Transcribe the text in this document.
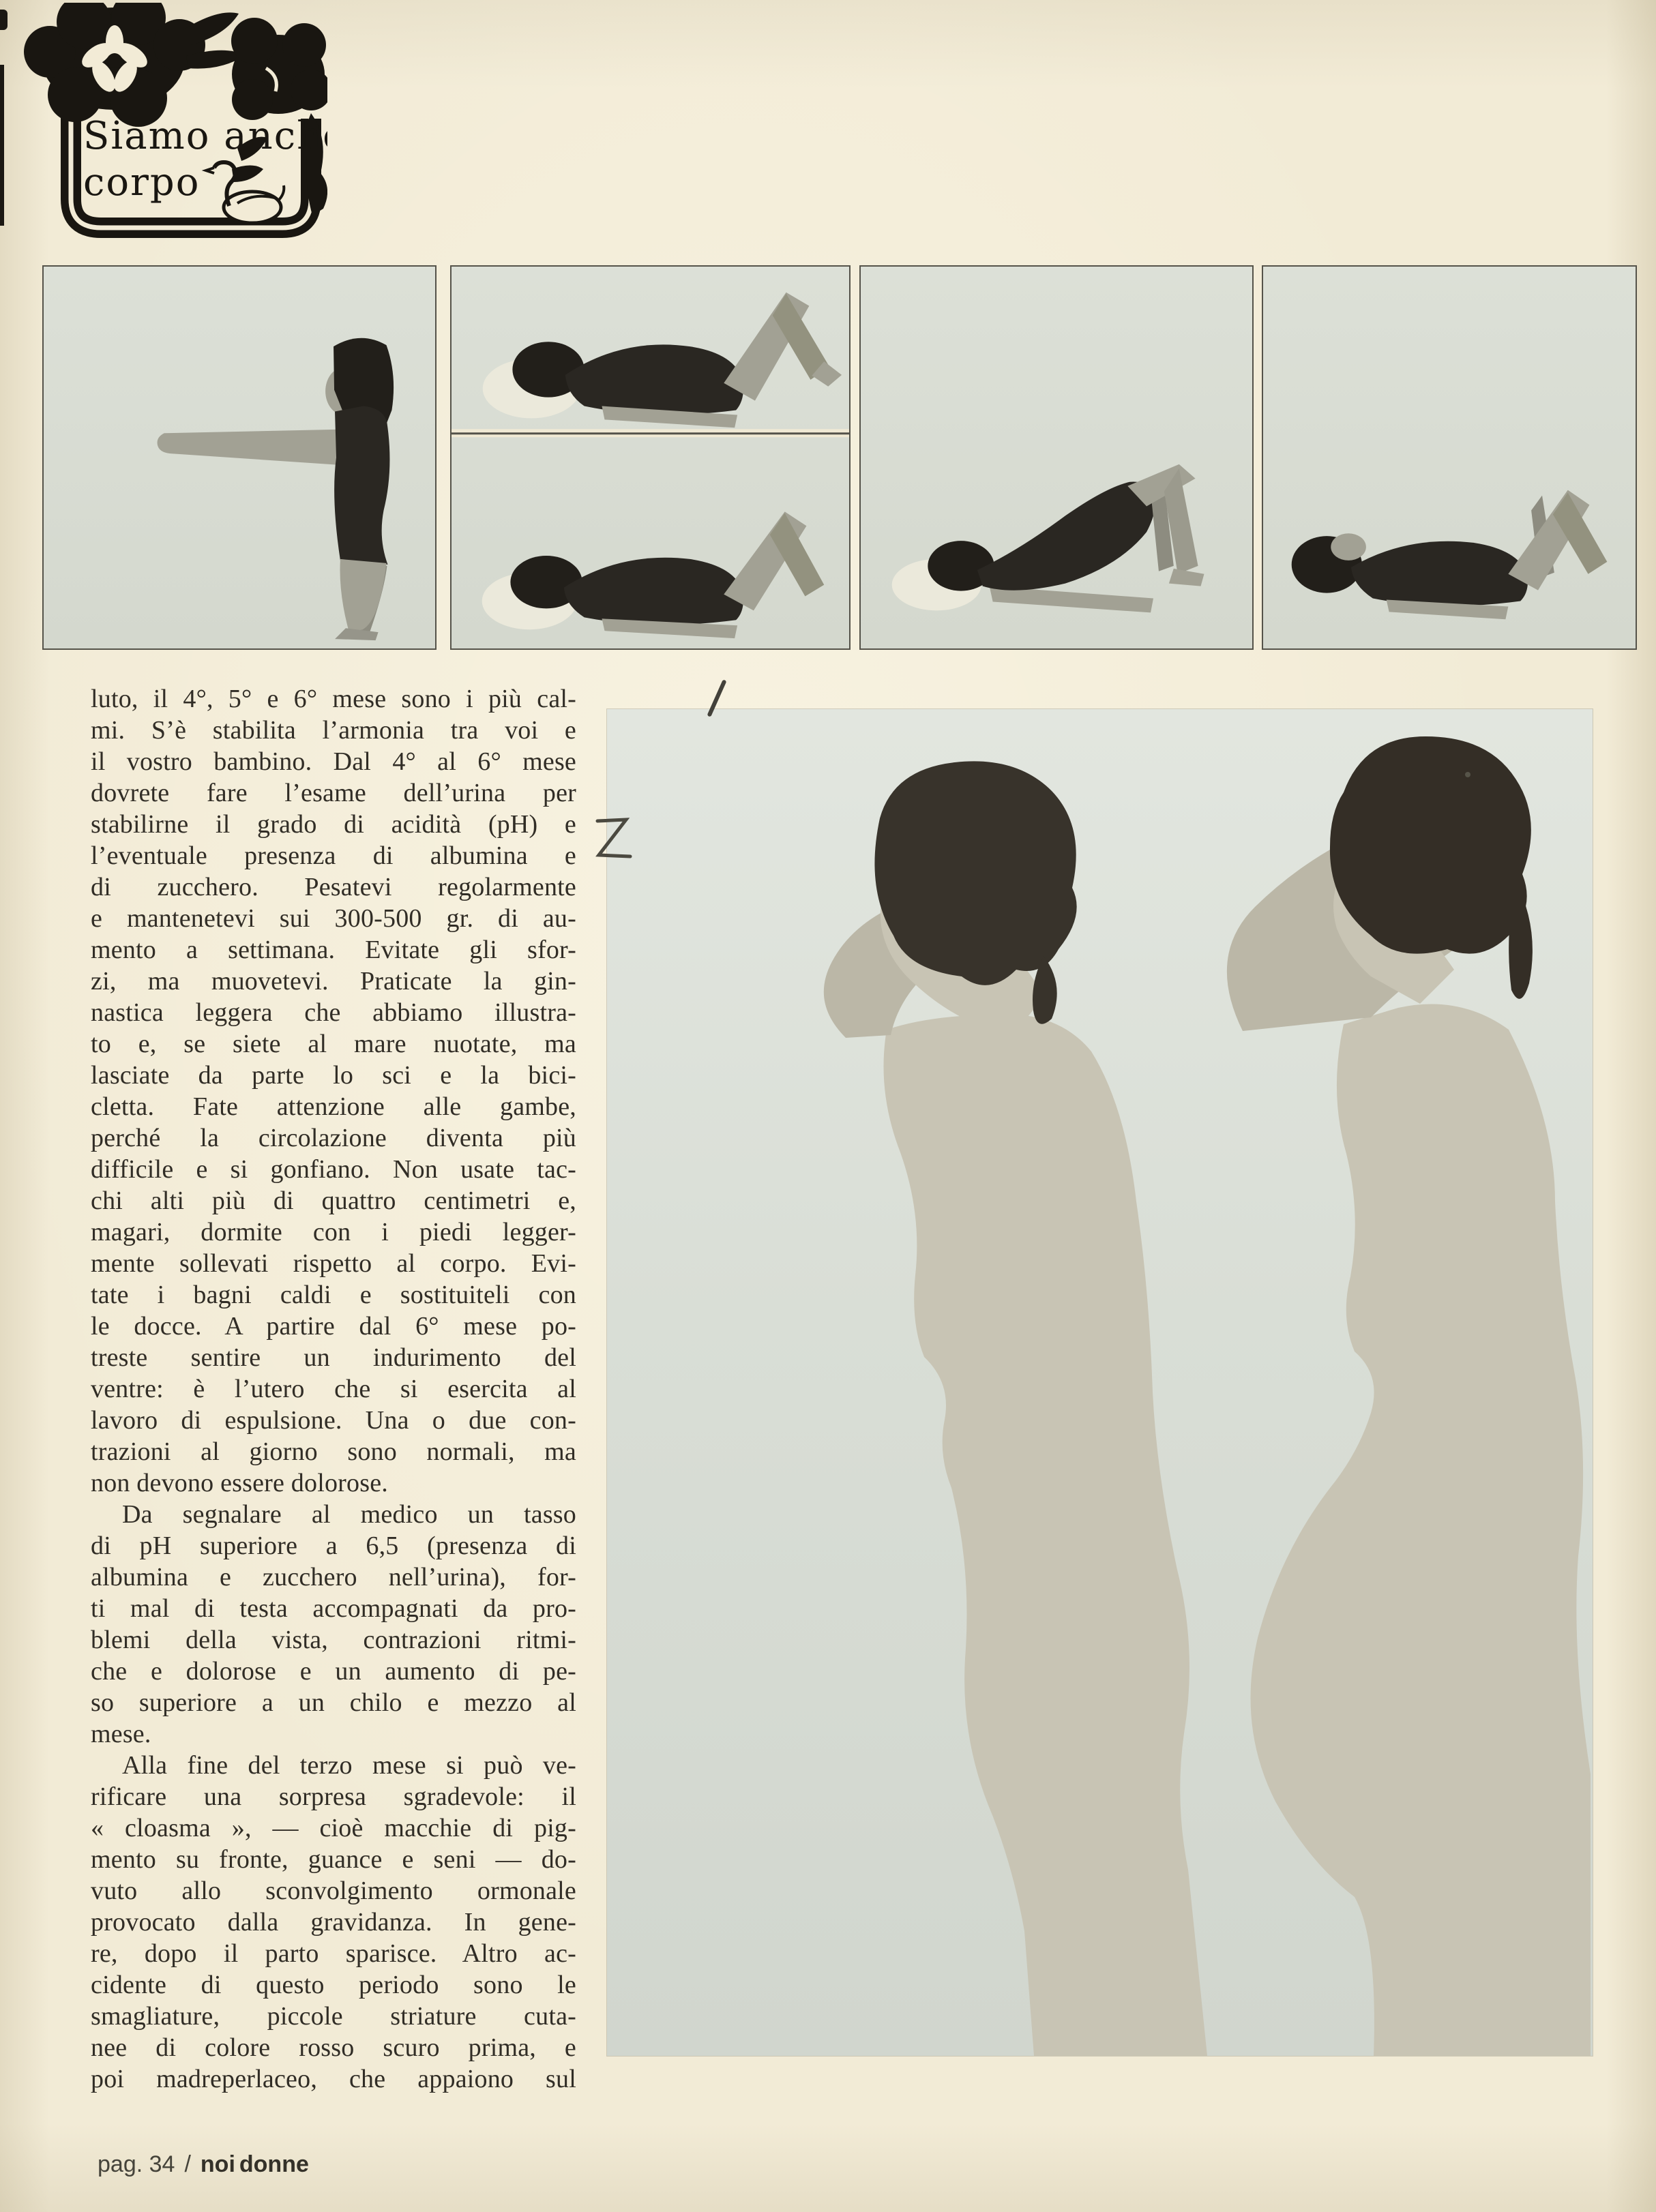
Siamo anche
corpo
luto, il 4°, 5° e 6° mese sono i più cal-
mi. S’è stabilita l’armonia tra voi e
il vostro bambino. Dal 4° al 6° mese
dovrete fare l’esame dell’urina per
stabilirne il grado di acidità (pH) e
l’eventuale presenza di albumina e
di zucchero. Pesatevi regolarmente
e mantenetevi sui 300-500 gr. di au-
mento a settimana. Evitate gli sfor-
zi, ma muovetevi. Praticate la gin-
nastica leggera che abbiamo illustra-
to e, se siete al mare nuotate, ma
lasciate da parte lo sci e la bici-
cletta. Fate attenzione alle gambe,
perché la circolazione diventa più
difficile e si gonfiano. Non usate tac-
chi alti più di quattro centimetri e,
magari, dormite con i piedi legger-
mente sollevati rispetto al corpo. Evi-
tate i bagni caldi e sostituiteli con
le docce. A partire dal 6° mese po-
treste sentire un indurimento del
ventre: è l’utero che si esercita al
lavoro di espulsione. Una o due con-
trazioni al giorno sono normali, ma
non devono essere dolorose.
Da segnalare al medico un tasso
di pH superiore a 6,5 (presenza di
albumina e zucchero nell’urina), for-
ti mal di testa accompagnati da pro-
blemi della vista, contrazioni ritmi-
che e dolorose e un aumento di pe-
so superiore a un chilo e mezzo al
mese.
Alla fine del terzo mese si può ve-
rificare una sorpresa sgradevole: il
« cloasma », — cioè macchie di pig-
mento su fronte, guance e seni — do-
vuto allo sconvolgimento ormonale
provocato dalla gravidanza. In gene-
re, dopo il parto sparisce. Altro ac-
cidente di questo periodo sono le
smagliature, piccole striature cuta-
nee di colore rosso scuro prima, e
poi madreperlaceo, che appaiono sul
pag. 34 / noi donne
